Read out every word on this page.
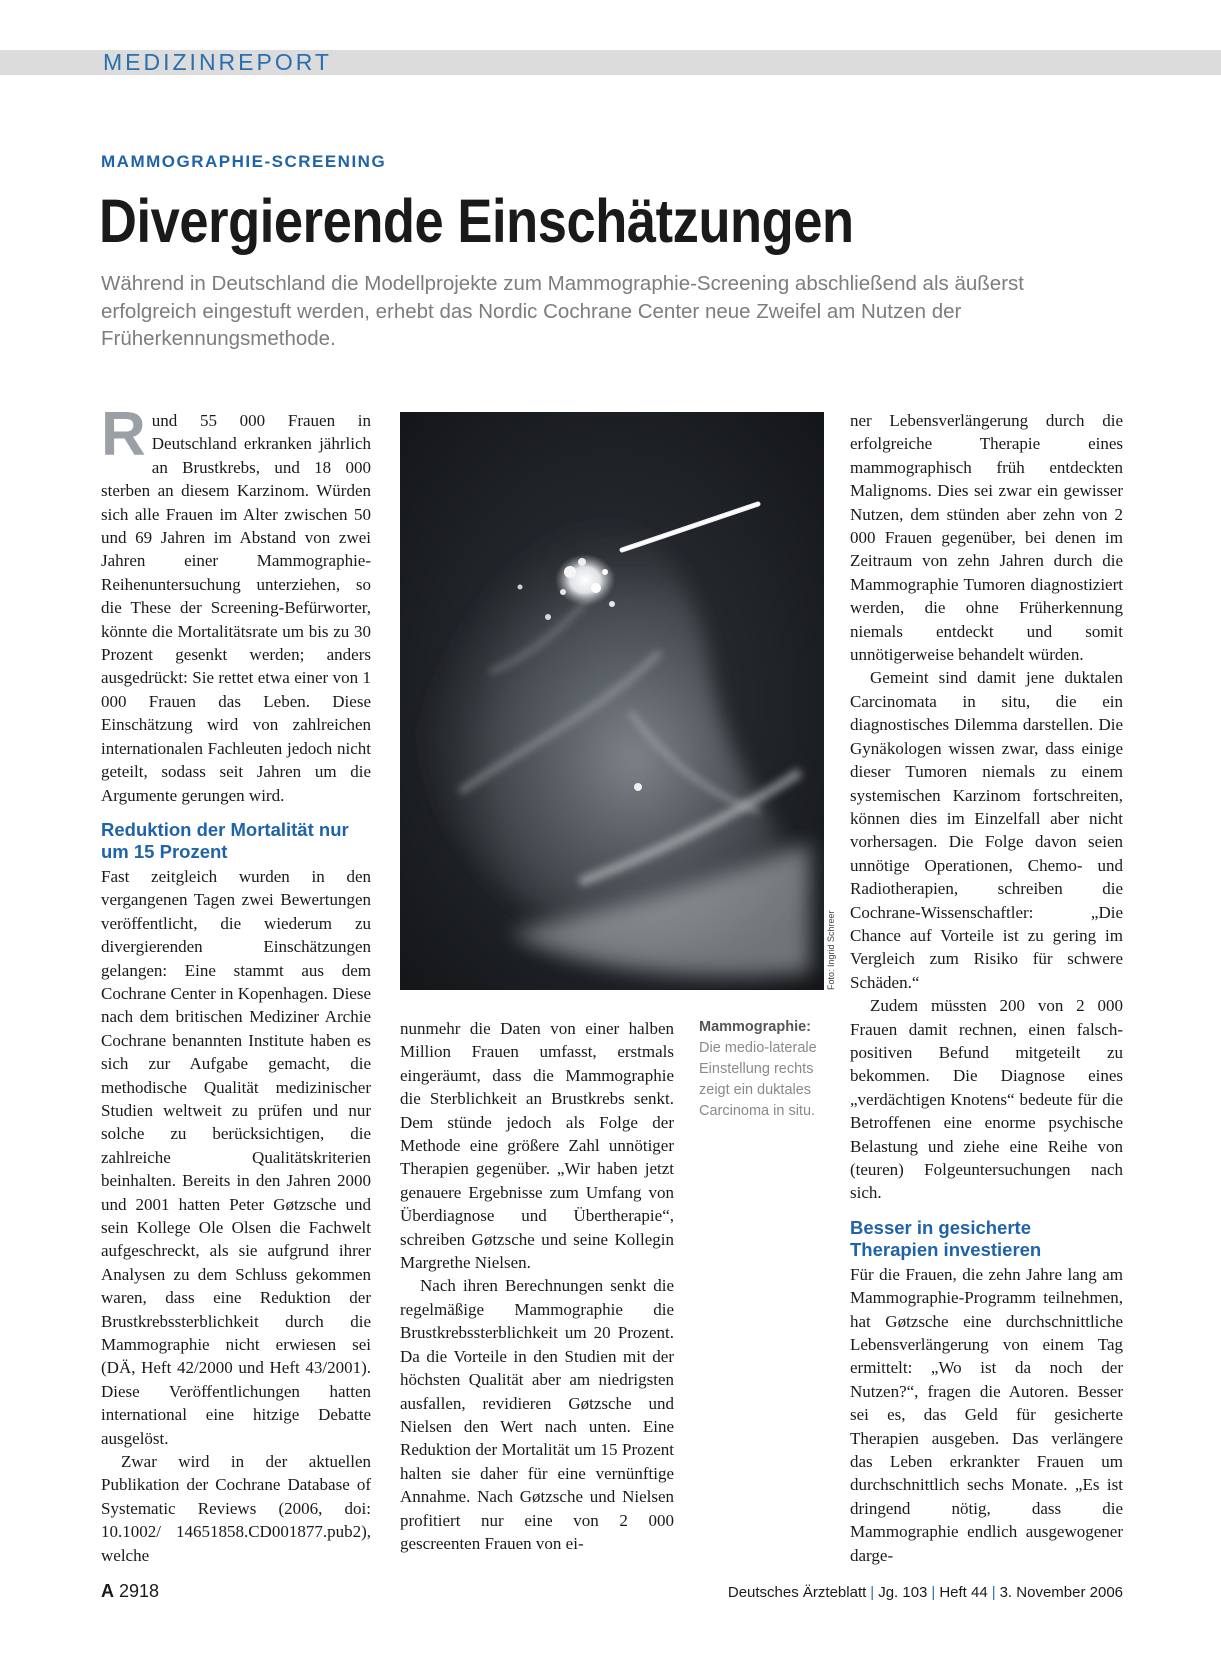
MEDIZINREPORT
MAMMOGRAPHIE-SCREENING
Divergierende Einschätzungen
Während in Deutschland die Modellprojekte zum Mammographie-Screening abschließend als äußerst erfolgreich eingestuft werden, erhebt das Nordic Cochrane Center neue Zweifel am Nutzen der Früherkennungsmethode.

Rund 55 000 Frauen in Deutschland erkranken jährlich an Brustkrebs, und 18 000 sterben an diesem Karzinom. Würden sich alle Frauen im Alter zwischen 50 und 69 Jahren im Abstand von zwei Jahren einer Mammographie-Reihenuntersuchung unterziehen, so die These der Screening-Befürworter, könnte die Mortalitätsrate um bis zu 30 Prozent gesenkt werden; anders ausgedrückt: Sie rettet etwa einer von 1 000 Frauen das Leben. Diese Einschätzung wird von zahlreichen internationalen Fachleuten jedoch nicht geteilt, sodass seit Jahren um die Argumente gerungen wird.

Reduktion der Mortalität nur um 15 Prozent

Fast zeitgleich wurden in den vergangenen Tagen zwei Bewertungen veröffentlicht, die wiederum zu divergierenden Einschätzungen gelangen: Eine stammt aus dem Cochrane Center in Kopenhagen. Diese nach dem britischen Mediziner Archie Cochrane benannten Institute haben es sich zur Aufgabe gemacht, die methodische Qualität medizinischer Studien weltweit zu prüfen und nur solche zu berücksichtigen, die zahlreiche Qualitätskriterien beinhalten. Bereits in den Jahren 2000 und 2001 hatten Peter Gøtzsche und sein Kollege Ole Olsen die Fachwelt aufgeschreckt, als sie aufgrund ihrer Analysen zu dem Schluss gekommen waren, dass eine Reduktion der Brustkrebssterblichkeit durch die Mammographie nicht erwiesen sei (DÄ, Heft 42/2000 und Heft 43/2001). Diese Veröffentlichungen hatten international eine hitzige Debatte ausgelöst.

Zwar wird in der aktuellen Publikation der Cochrane Database of Systematic Reviews (2006, doi: 10.1002/ 14651858.CD001877.pub2), welche

Foto: Ingrid Schreer
Mammographie:
Die medio-laterale Einstellung rechts zeigt ein duktales Carcinoma in situ.

nunmehr die Daten von einer halben Million Frauen umfasst, erstmals eingeräumt, dass die Mammographie die Sterblichkeit an Brustkrebs senkt. Dem stünde jedoch als Folge der Methode eine größere Zahl unnötiger Therapien gegenüber. „Wir haben jetzt genauere Ergebnisse zum Umfang von Überdiagnose und Übertherapie“, schreiben Gøtzsche und seine Kollegin Margrethe Nielsen.

Nach ihren Berechnungen senkt die regelmäßige Mammographie die Brustkrebssterblichkeit um 20 Prozent. Da die Vorteile in den Studien mit der höchsten Qualität aber am niedrigsten ausfallen, revidieren Gøtzsche und Nielsen den Wert nach unten. Eine Reduktion der Mortalität um 15 Prozent halten sie daher für eine vernünftige Annahme. Nach Gøtzsche und Nielsen profitiert nur eine von 2 000 gescreenten Frauen von ei-

ner Lebensverlängerung durch die erfolgreiche Therapie eines mammographisch früh entdeckten Malignoms. Dies sei zwar ein gewisser Nutzen, dem stünden aber zehn von 2 000 Frauen gegenüber, bei denen im Zeitraum von zehn Jahren durch die Mammographie Tumoren diagnostiziert werden, die ohne Früherkennung niemals entdeckt und somit unnötigerweise behandelt würden.

Gemeint sind damit jene duktalen Carcinomata in situ, die ein diagnostisches Dilemma darstellen. Die Gynäkologen wissen zwar, dass einige dieser Tumoren niemals zu einem systemischen Karzinom fortschreiten, können dies im Einzelfall aber nicht vorhersagen. Die Folge davon seien unnötige Operationen, Chemo- und Radiotherapien, schreiben die Cochrane-Wissenschaftler: „Die Chance auf Vorteile ist zu gering im Vergleich zum Risiko für schwere Schäden.“

Zudem müssten 200 von 2 000 Frauen damit rechnen, einen falsch-positiven Befund mitgeteilt zu bekommen. Die Diagnose eines „verdächtigen Knotens“ bedeute für die Betroffenen eine enorme psychische Belastung und ziehe eine Reihe von (teuren) Folgeuntersuchungen nach sich.

Besser in gesicherte Therapien investieren

Für die Frauen, die zehn Jahre lang am Mammographie-Programm teilnehmen, hat Gøtzsche eine durchschnittliche Lebensverlängerung von einem Tag ermittelt: „Wo ist da noch der Nutzen?“, fragen die Autoren. Besser sei es, das Geld für gesicherte Therapien ausgeben. Das verlängere das Leben erkrankter Frauen um durchschnittlich sechs Monate. „Es ist dringend nötig, dass die Mammographie endlich ausgewogener darge-

A 2918	Deutsches Ärzteblatt | Jg. 103 | Heft 44 | 3. November 2006
